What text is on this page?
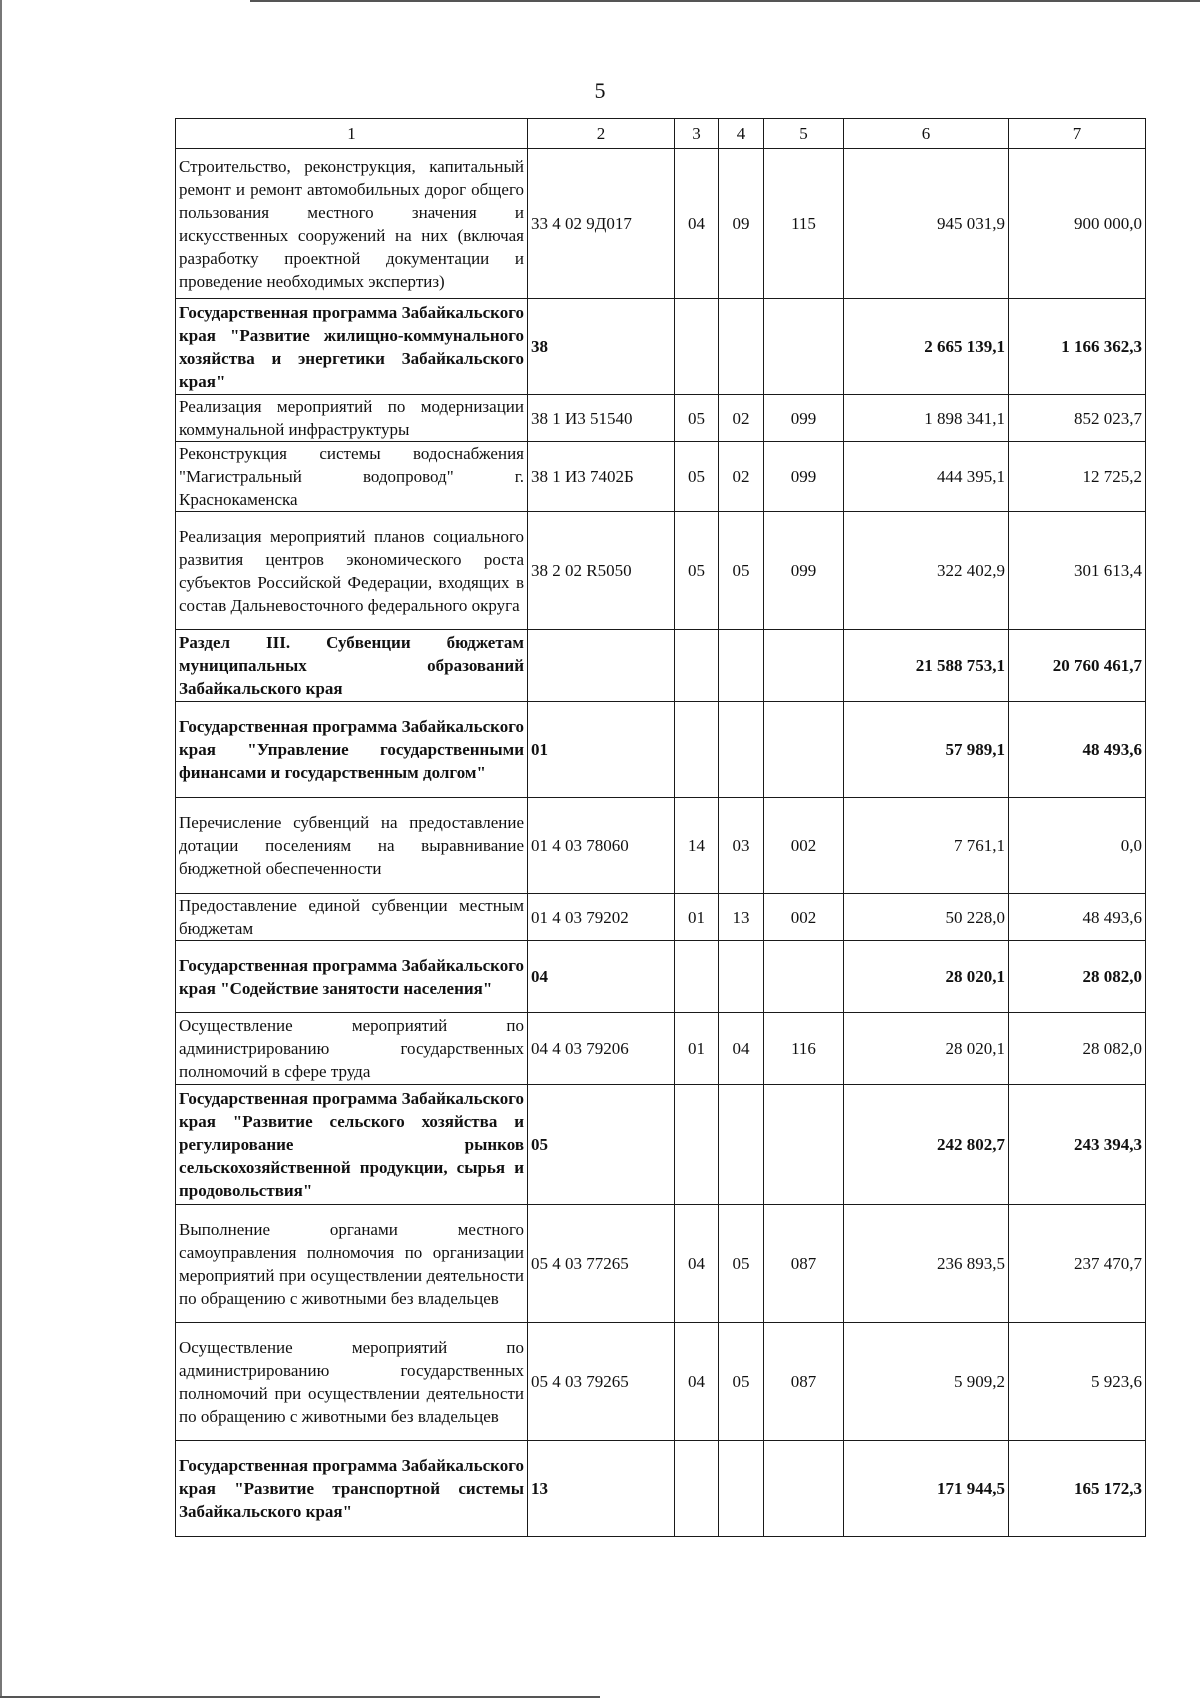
5
1	2	3	4	5	6	7
Строительство, реконструкция, капитальный ремонт и ремонт автомобильных дорог общего пользования местного значения и искусственных сооружений на них (включая разработку проектной документации и проведение необходимых экспертиз)	33 4 02 9Д017	04	09	115	945 031,9	900 000,0
Государственная программа Забайкальского края "Развитие жилищно-коммунального хозяйства и энергетики Забайкальского края"	38				2 665 139,1	1 166 362,3
Реализация мероприятий по модернизации коммунальной инфраструктуры	38 1 И3 51540	05	02	099	1 898 341,1	852 023,7
Реконструкция системы водоснабжения "Магистральный водопровод" г. Краснокаменска	38 1 И3 7402Б	05	02	099	444 395,1	12 725,2
Реализация мероприятий планов социального развития центров экономического роста субъектов Российской Федерации, входящих в состав Дальневосточного федерального округа	38 2 02 R5050	05	05	099	322 402,9	301 613,4
Раздел III. Субвенции бюджетам муниципальных образований Забайкальского края					21 588 753,1	20 760 461,7
Государственная программа Забайкальского края "Управление государственными финансами и государственным долгом"	01				57 989,1	48 493,6
Перечисление субвенций на предоставление дотации поселениям на выравнивание бюджетной обеспеченности	01 4 03 78060	14	03	002	7 761,1	0,0
Предоставление единой субвенции местным бюджетам	01 4 03 79202	01	13	002	50 228,0	48 493,6
Государственная программа Забайкальского края "Содействие занятости населения"	04				28 020,1	28 082,0
Осуществление мероприятий по администрированию государственных полномочий в сфере труда	04 4 03 79206	01	04	116	28 020,1	28 082,0
Государственная программа Забайкальского края "Развитие сельского хозяйства и регулирование рынков сельскохозяйственной продукции, сырья и продовольствия"	05				242 802,7	243 394,3
Выполнение органами местного самоуправления полномочия по организации мероприятий при осуществлении деятельности по обращению с животными без владельцев	05 4 03 77265	04	05	087	236 893,5	237 470,7
Осуществление мероприятий по администрированию государственных полномочий при осуществлении деятельности по обращению с животными без владельцев	05 4 03 79265	04	05	087	5 909,2	5 923,6
Государственная программа Забайкальского края "Развитие транспортной системы Забайкальского края"	13				171 944,5	165 172,3
